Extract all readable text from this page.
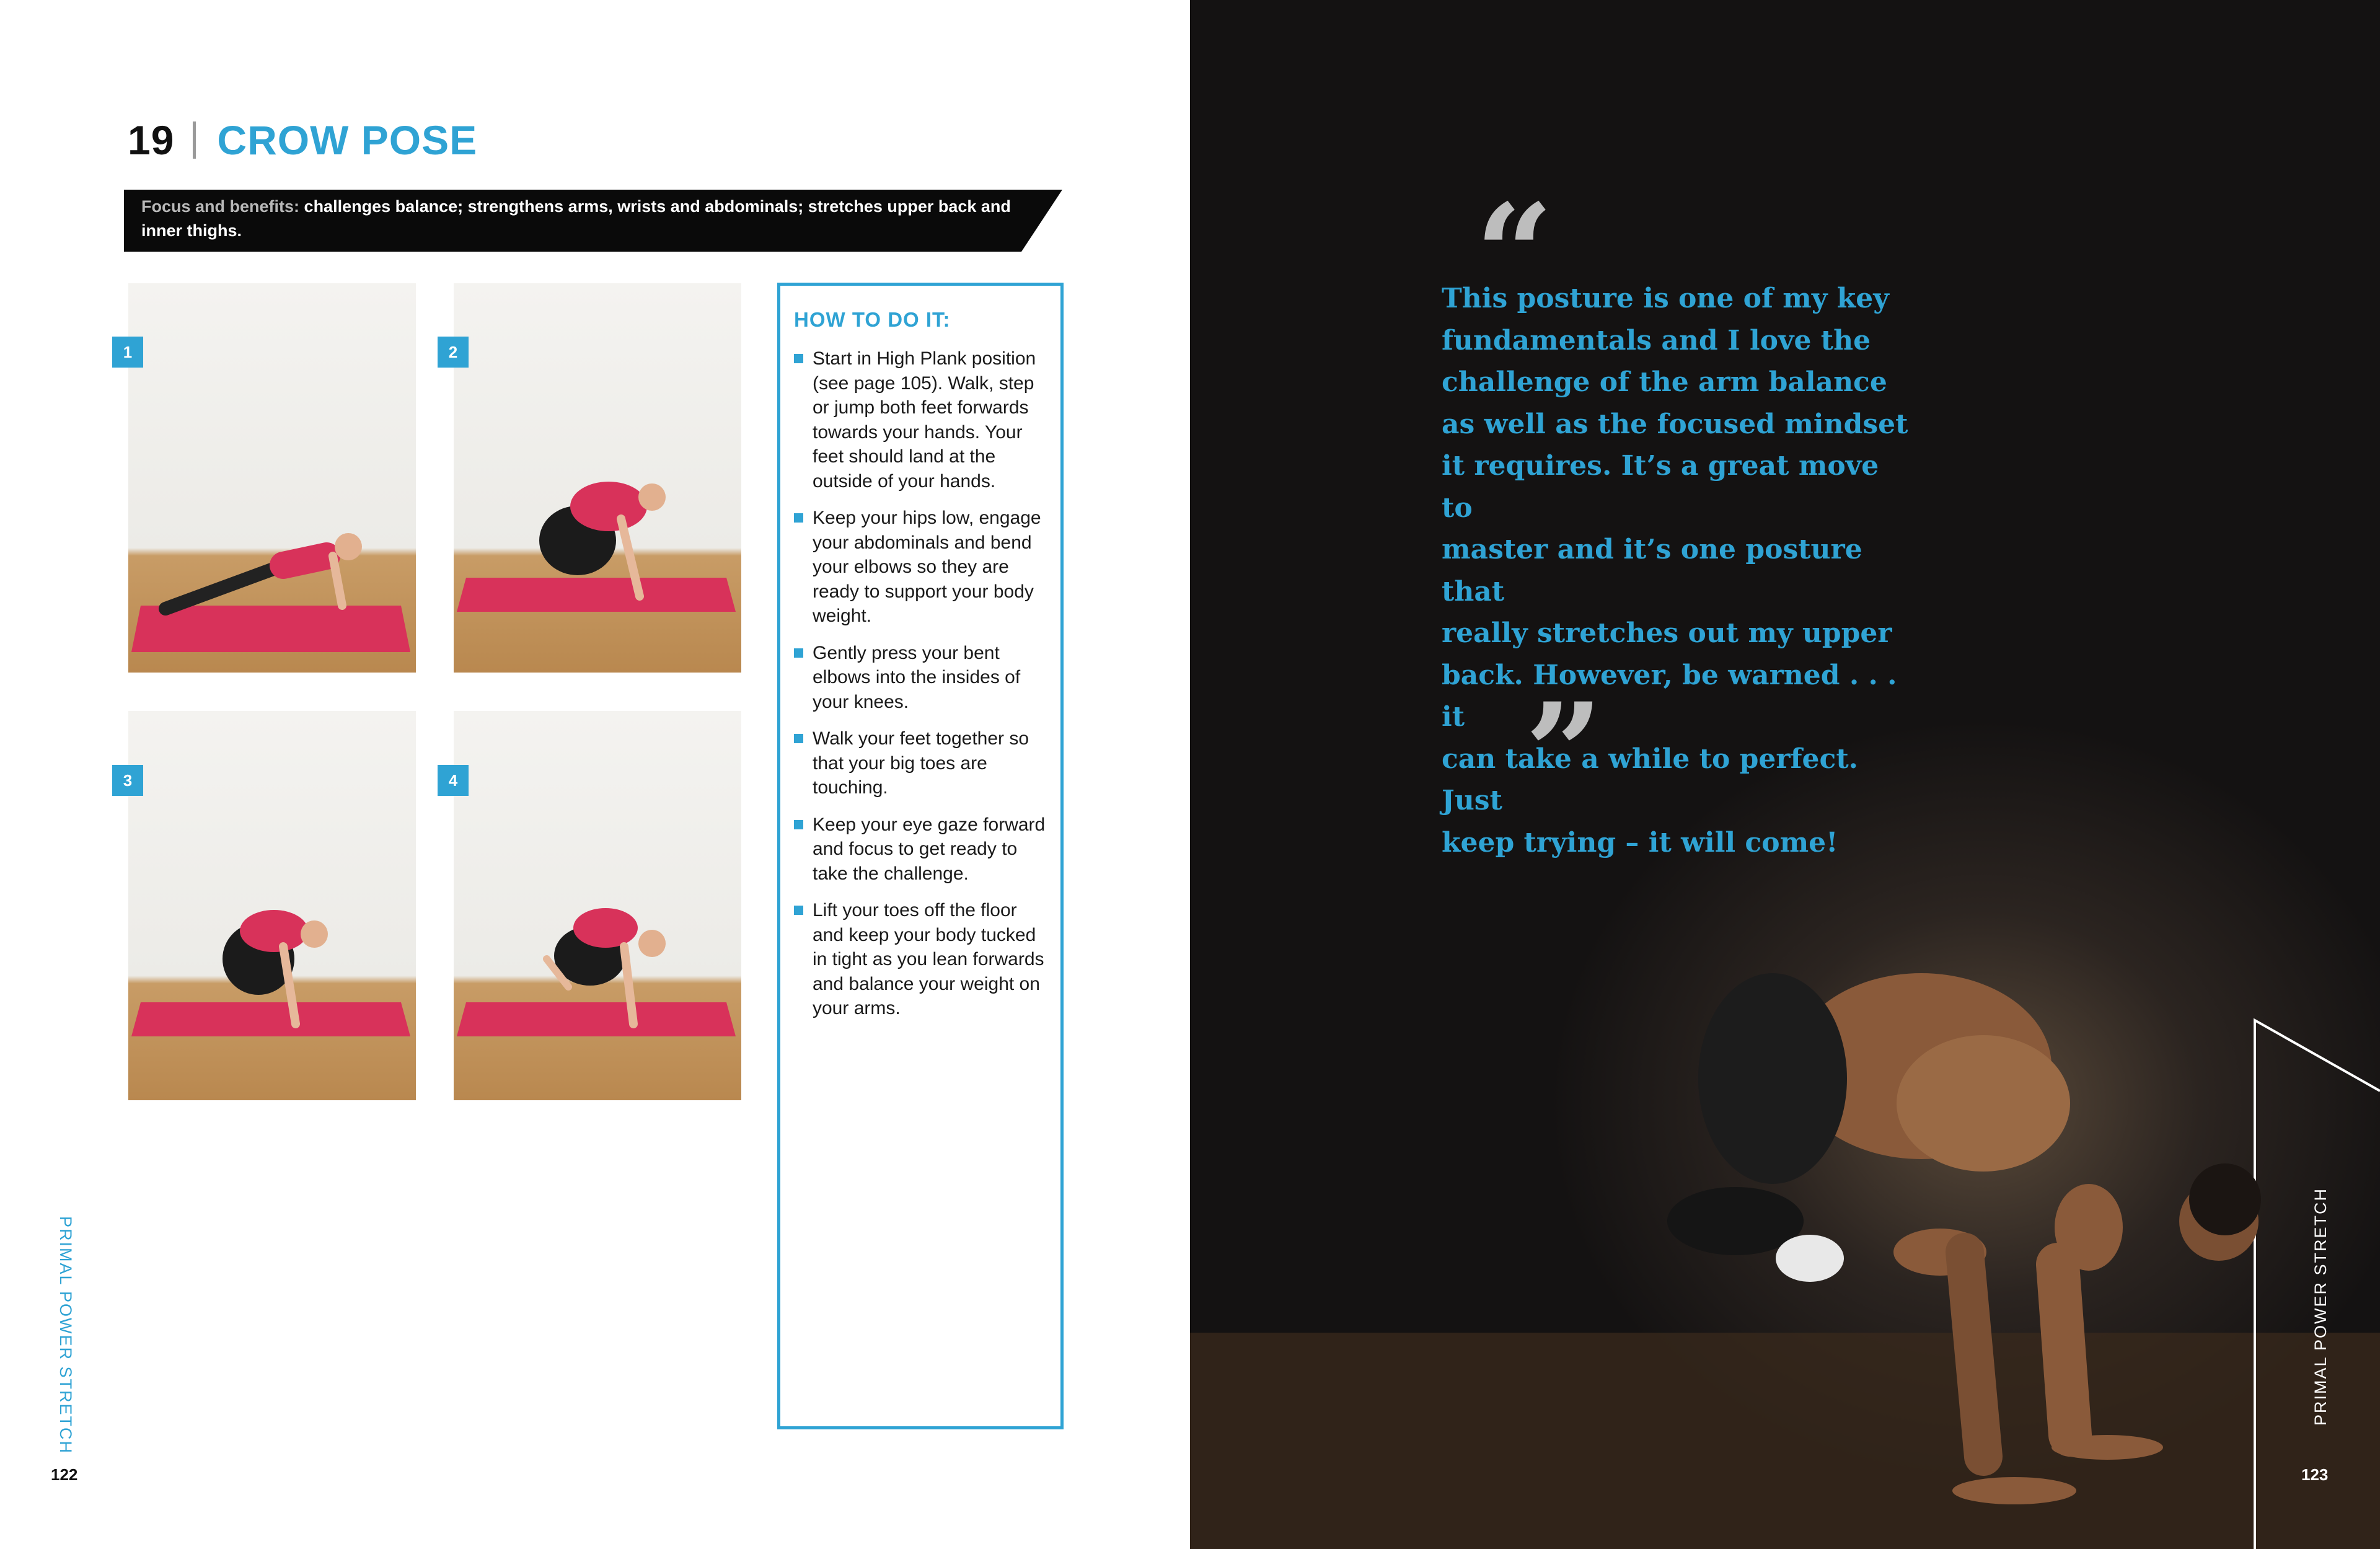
19 CROW POSE
Focus and benefits: challenges balance; strengthens arms, wrists and abdominals; stretches upper back and inner thighs.
1	2
3	4
HOW TO DO IT:
Start in High Plank position (see page 105). Walk, step or jump both feet forwards towards your hands. Your feet should land at the outside of your hands.
Keep your hips low, engage your abdominals and bend your elbows so they are ready to support your body weight.
Gently press your bent elbows into the insides of your knees.
Walk your feet together so that your big toes are touching.
Keep your eye gaze forward and focus to get ready to take the challenge.
Lift your toes off the floor and keep your body tucked in tight as you lean forwards and balance your weight on your arms.
PRIMAL POWER STRETCH
122
“
This posture is one of my key
fundamentals and I love the
challenge of the arm balance
as well as the focused mindset
it requires. It’s a great move to
master and it’s one posture that
really stretches out my upper
back. However, be warned . . . it
can take a while to perfect. Just
keep trying – it will come!
”
PRIMAL POWER STRETCH
123
